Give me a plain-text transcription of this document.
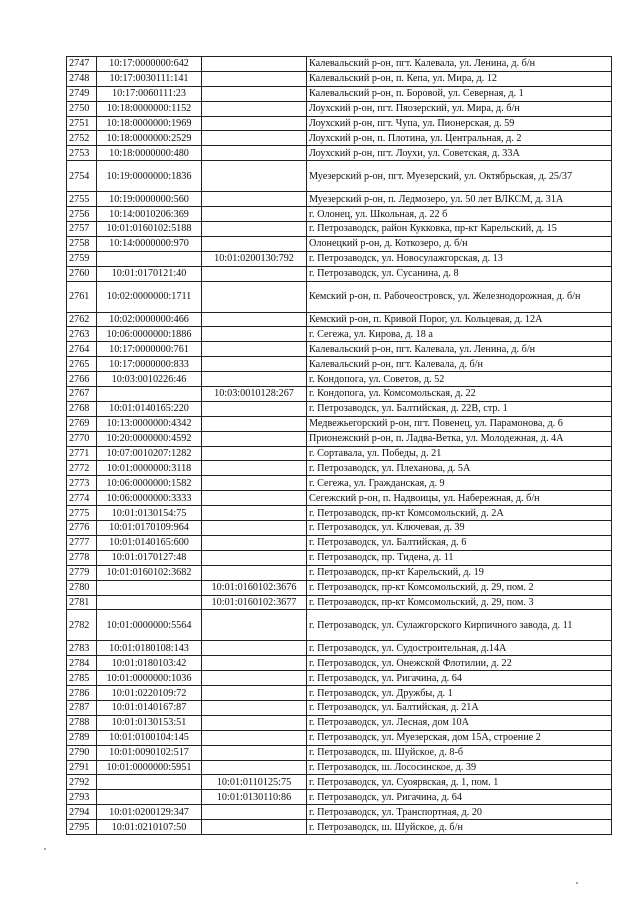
2747	10:17:0000000:642		Калевальский р-он, пгт. Калевала, ул. Ленина, д. б/н
2748	10:17:0030111:141		Калевальский р-он, п. Кепа, ул. Мира, д. 12
2749	10:17:0060111:23		Калевальский р-он, п. Боровой, ул. Северная, д. 1
2750	10:18:0000000:1152		Лоухский р-он, пгт. Пяозерский, ул. Мира, д. б/н
2751	10:18:0000000:1969		Лоухский р-он, пгт. Чупа, ул. Пионерская, д. 59
2752	10:18:0000000:2529		Лоухский р-он, п. Плотина, ул. Центральная, д. 2
2753	10:18:0000000:480		Лоухский р-он, пгт. Лоухи, ул. Советская, д. 33А
2754	10:19:0000000:1836		Муезерский р-он, пгт. Муезерский, ул. Октябрьская, д. 25/37
2755	10:19:0000000:560		Муезерский р-он, п. Ледмозеро, ул. 50 лет ВЛКСМ, д. 31А
2756	10:14:0010206:369		г. Олонец, ул. Школьная, д. 22 б
2757	10:01:0160102:5188		г. Петрозаводск, район Кукковка, пр-кт Карельский, д. 15
2758	10:14:0000000:970		Олонецкий р-он, д. Коткозеро, д. б/н
2759		10:01:0200130:792	г. Петрозаводск, ул. Новосулажгорская, д. 13
2760	10:01:0170121:40		г. Петрозаводск, ул. Сусанина, д. 8
2761	10:02:0000000:1711		Кемский р-он, п. Рабочеостровск, ул. Железнодорожная, д. б/н
2762	10:02:0000000:466		Кемский р-он, п. Кривой Порог, ул. Кольцевая, д. 12А
2763	10:06:0000000:1886		г. Сегежа, ул. Кирова, д. 18 а
2764	10:17:0000000:761		Калевальский р-он, пгт. Калевала, ул. Ленина, д. б/н
2765	10:17:0000000:833		Калевальский р-он, пгт. Калевала, д. б/н
2766	10:03:0010226:46		г. Кондопога, ул. Советов, д. 52
2767		10:03:0010128:267	г. Кондопога, ул. Комсомольская, д. 22
2768	10:01:0140165:220		г. Петрозаводск, ул. Балтийская, д. 22В, стр. 1
2769	10:13:0000000:4342		Медвежьегорский р-он, пгт. Повенец, ул. Парамонова, д. 6
2770	10:20:0000000:4592		Прионежский р-он, п. Ладва-Ветка, ул. Молодежная, д. 4А
2771	10:07:0010207:1282		г. Сортавала, ул. Победы, д. 21
2772	10:01:0000000:3118		г. Петрозаводск, ул. Плеханова, д. 5А
2773	10:06:0000000:1582		г. Сегежа, ул. Гражданская, д. 9
2774	10:06:0000000:3333		Сегежский р-он, п. Надвоицы, ул. Набережная, д. б/н
2775	10:01:0130154:75		г. Петрозаводск, пр-кт Комсомольский, д. 2А
2776	10:01:0170109:964		г. Петрозаводск, ул. Ключевая, д. 39
2777	10:01:0140165:600		г. Петрозаводск, ул. Балтийская, д. 6
2778	10:01:0170127:48		г. Петрозаводск, пр. Тидена, д. 11
2779	10:01:0160102:3682		г. Петрозаводск, пр-кт Карельский, д. 19
2780		10:01:0160102:3676	г. Петрозаводск, пр-кт Комсомольский, д. 29, пом. 2
2781		10:01:0160102:3677	г. Петрозаводск, пр-кт Комсомольский, д. 29, пом. 3
2782	10:01:0000000:5564		г. Петрозаводск, ул. Сулажгорского Кирпичного завода, д. 11
2783	10:01:0180108:143		г. Петрозаводск, ул. Судостроительная, д.14А
2784	10:01:0180103:42		г. Петрозаводск, ул. Онежской Флотилии, д. 22
2785	10:01:0000000:1036		г. Петрозаводск, ул. Ригачина, д. 64
2786	10:01:0220109:72		г. Петрозаводск, ул. Дружбы, д. 1
2787	10:01:0140167:87		г. Петрозаводск, ул. Балтийская, д. 21А
2788	10:01:0130153:51		г. Петрозаводск, ул. Лесная, дом 10А
2789	10:01:0100104:145		г. Петрозаводск, ул. Муезерская, дом 15А, строение 2
2790	10:01:0090102:517		г. Петрозаводск, ш. Шуйское, д. 8-б
2791	10:01:0000000:5951		г. Петрозаводск, ш. Лососинское, д. 39
2792		10:01:0110125:75	г. Петрозаводск, ул. Суоярвская, д. 1, пом. 1
2793		10:01:0130110:86	г. Петрозаводск, ул. Ригачина, д. 64
2794	10:01:0200129:347		г. Петрозаводск, ул. Транспортная, д. 20
2795	10:01:0210107:50		г. Петрозаводск, ш. Шуйское, д. б/н
